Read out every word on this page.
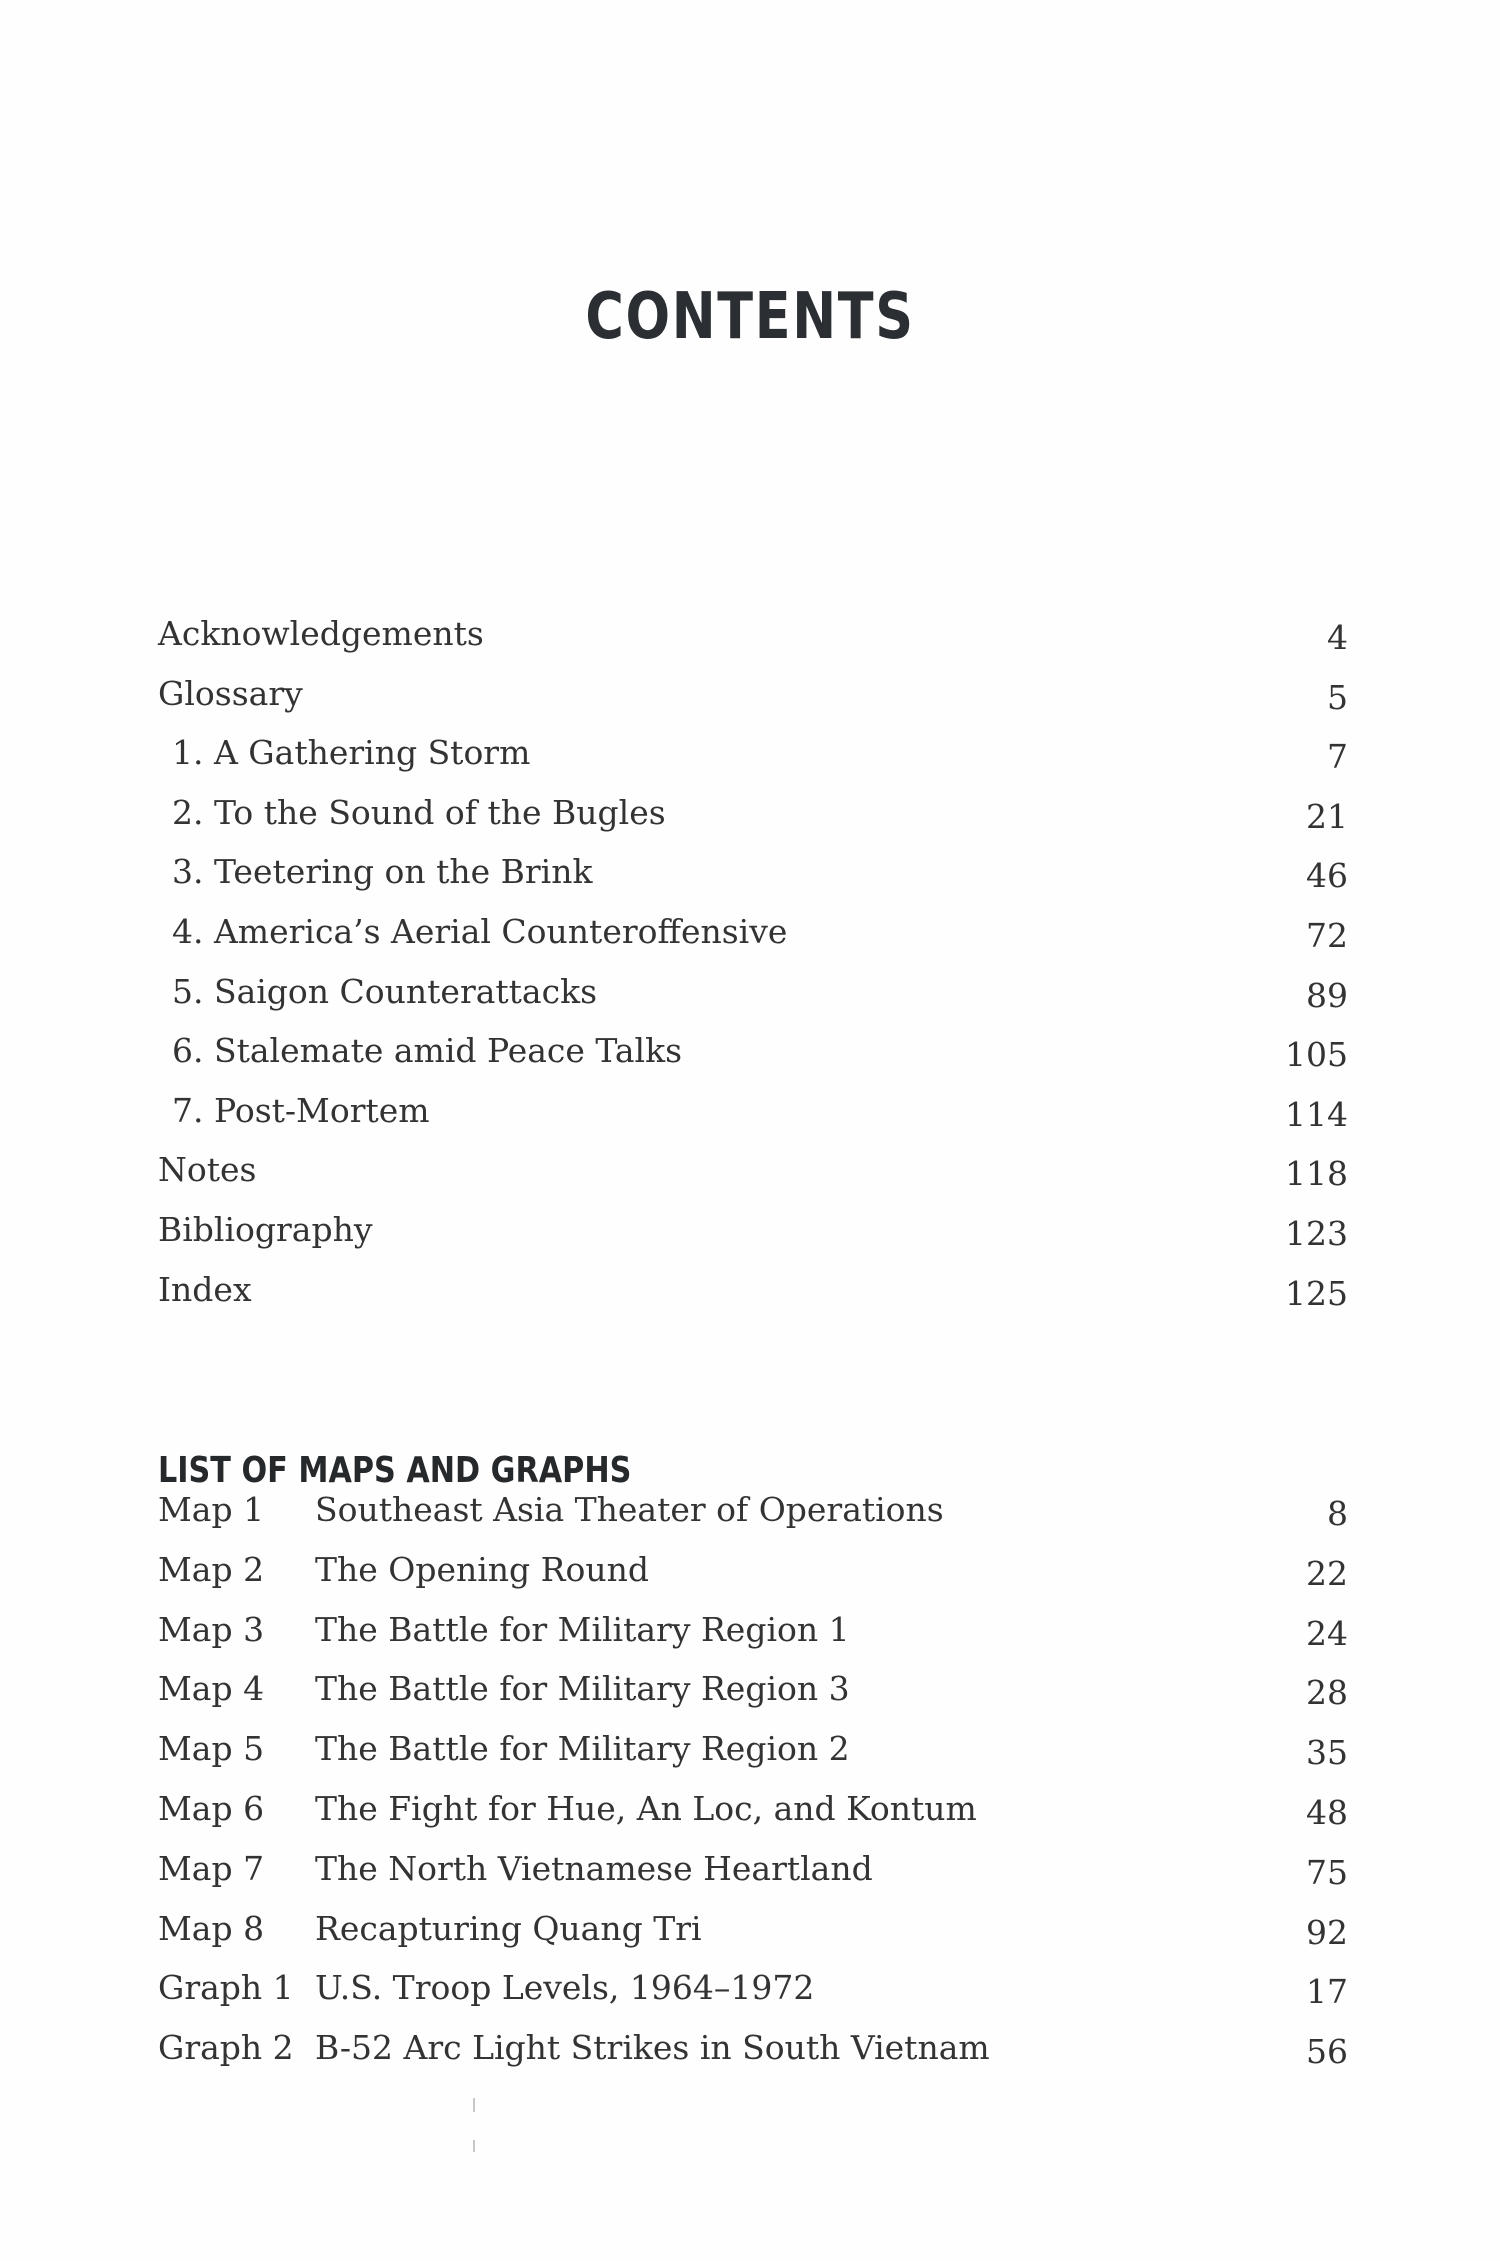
CONTENTS
Acknowledgements	4
Glossary	5
1. A Gathering Storm	7
2. To the Sound of the Bugles	21
3. Teetering on the Brink	46
4. America’s Aerial Counteroffensive	72
5. Saigon Counterattacks	89
6. Stalemate amid Peace Talks	105
7. Post-Mortem	114
Notes	118
Bibliography	123
Index	125
LIST OF MAPS AND GRAPHS
Map 1 Southeast Asia Theater of Operations	8
Map 2 The Opening Round	22
Map 3 The Battle for Military Region 1	24
Map 4 The Battle for Military Region 3	28
Map 5 The Battle for Military Region 2	35
Map 6 The Fight for Hue, An Loc, and Kontum	48
Map 7 The North Vietnamese Heartland	75
Map 8 Recapturing Quang Tri	92
Graph 1 U.S. Troop Levels, 1964–1972	17
Graph 2 B-52 Arc Light Strikes in South Vietnam	56
